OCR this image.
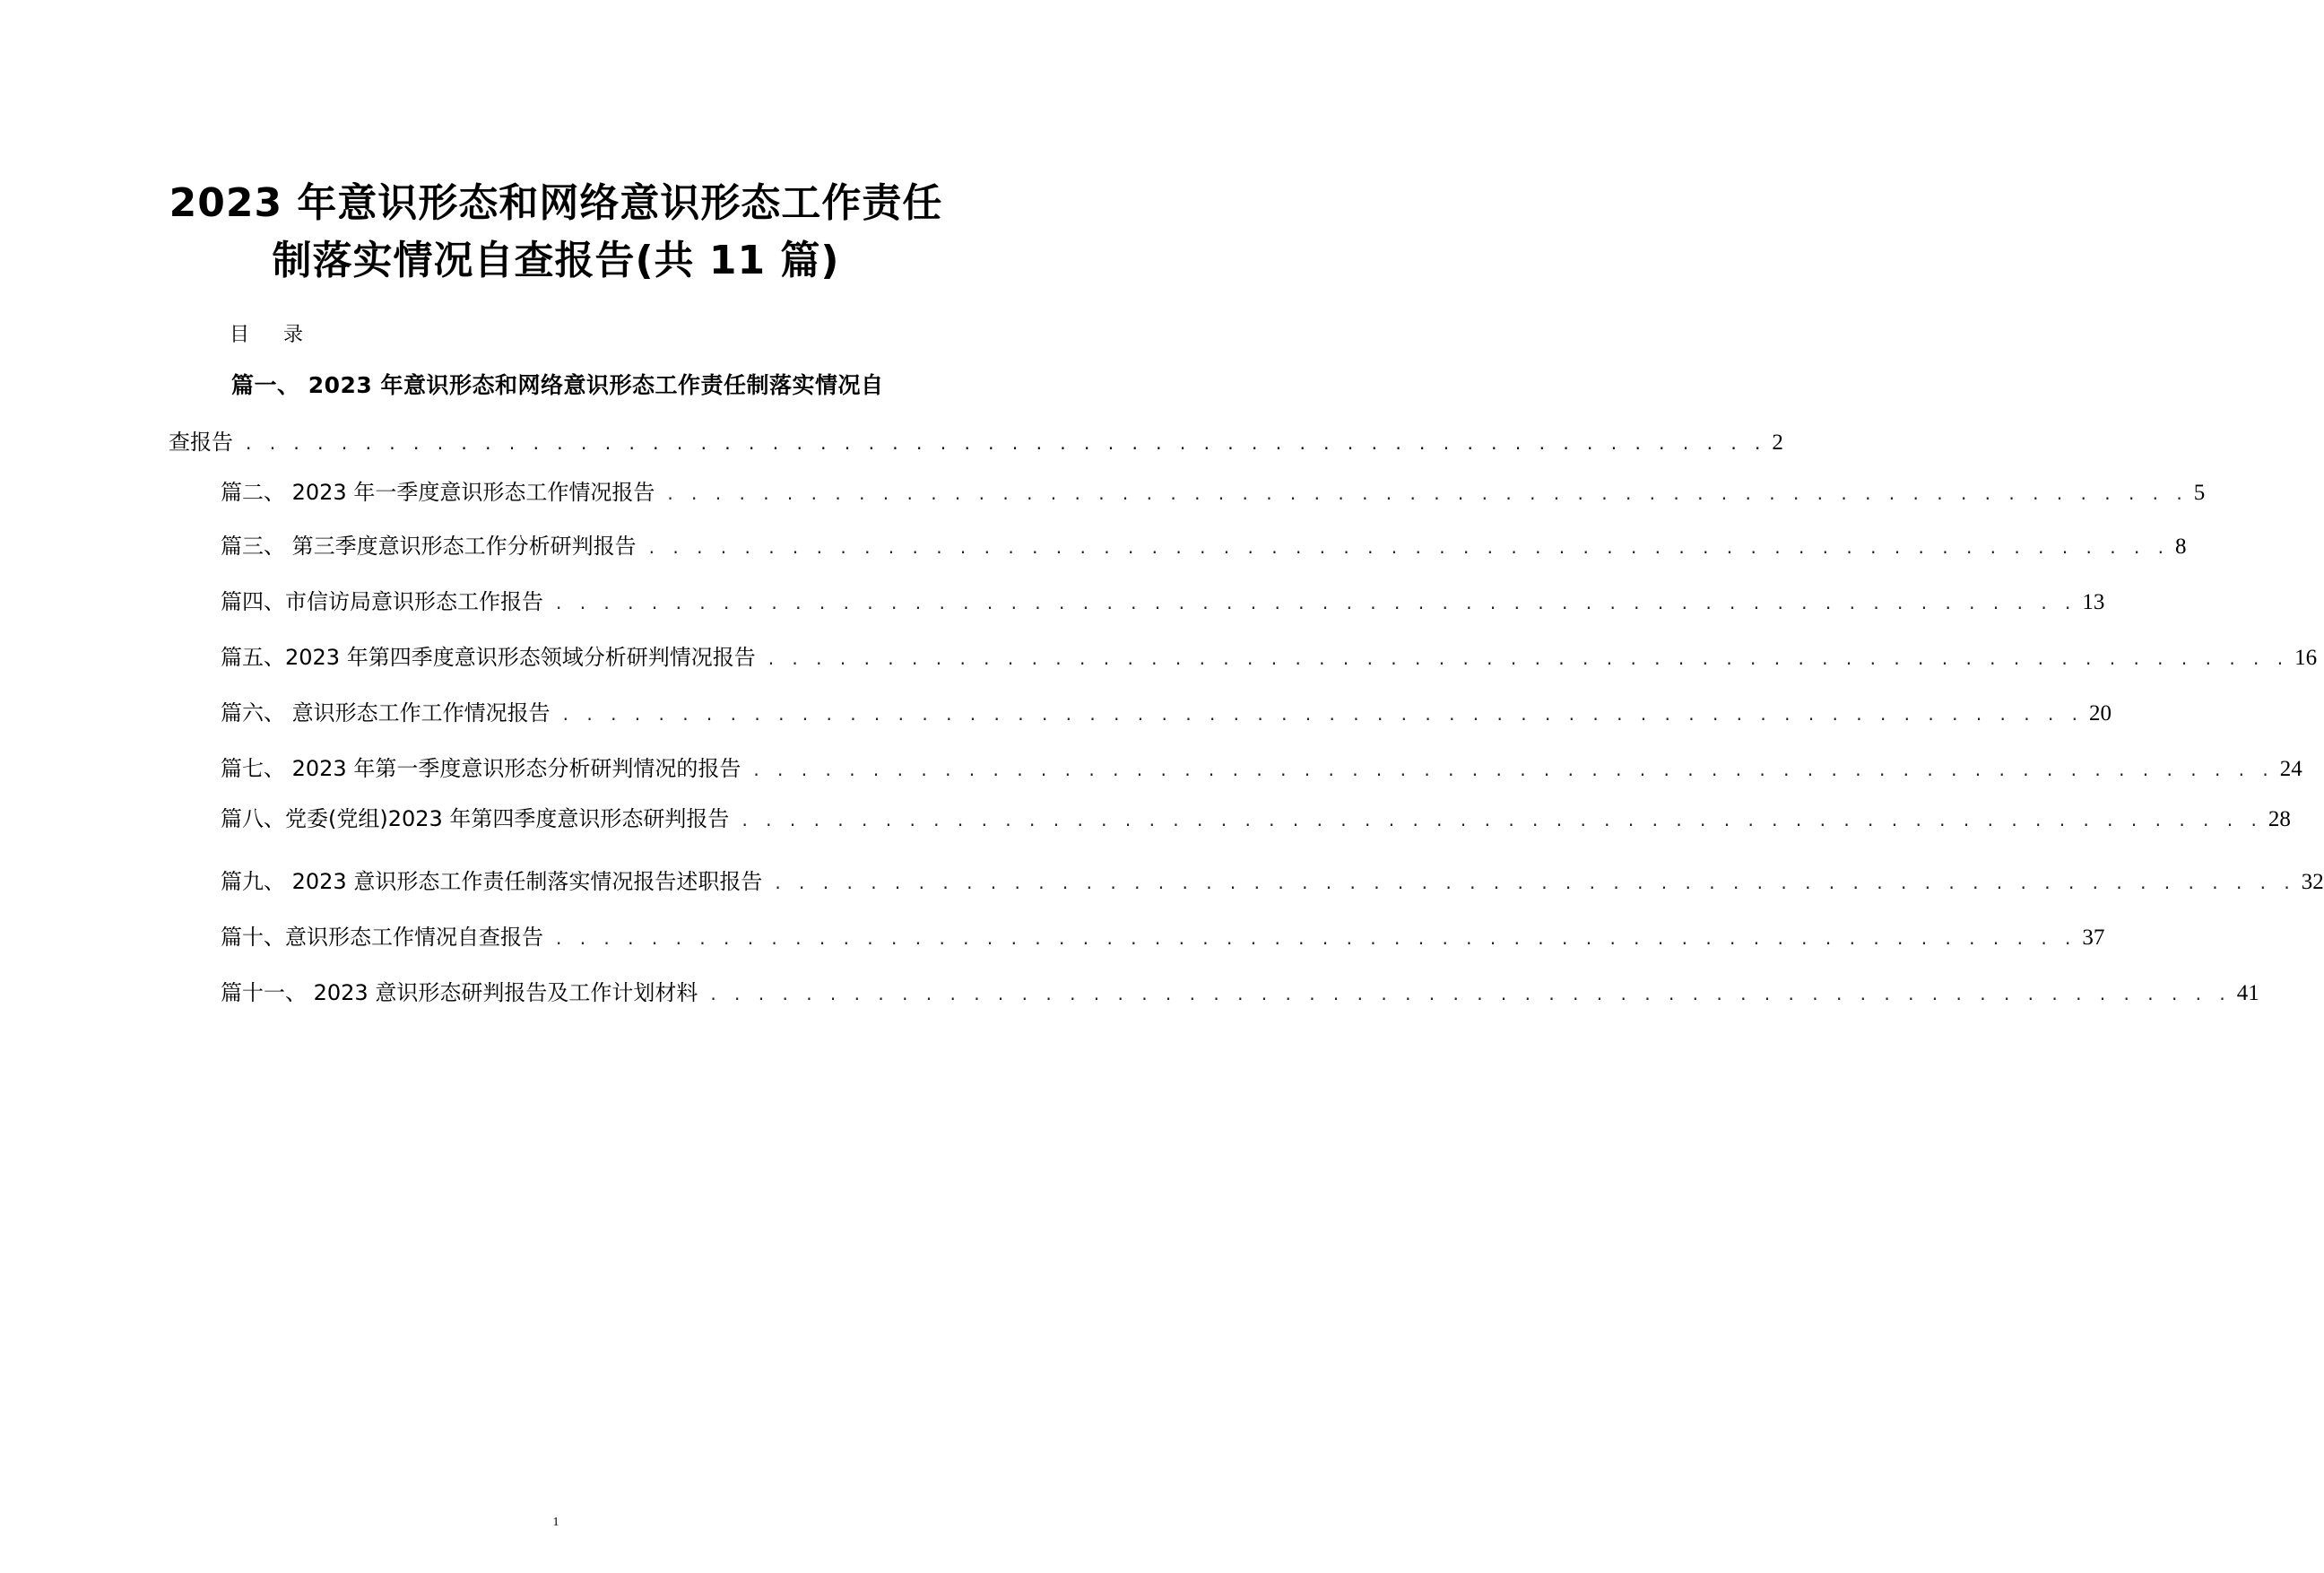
2023 年意识形态和网络意识形态工作责任
制落实情况自查报告(共 11 篇)
目 录
篇一、 2023 年意识形态和网络意识形态工作责任制落实情况自
查报告 . . . . . . . . . . . . . . . . . . . . . . . . . . . . . . . . . . . . . . . . . . . . . . . . . . . . . . . . . . . . . . . . 2
篇二、 2023 年一季度意识形态工作情况报告 . . . . . . . . . . . . . . . . . . . . . . . . . . . . . . . . . . . . . . . . . . . . . . . . . . . . . . . . . . . . . . . . 5
篇三、 第三季度意识形态工作分析研判报告 . . . . . . . . . . . . . . . . . . . . . . . . . . . . . . . . . . . . . . . . . . . . . . . . . . . . . . . . . . . . . . . . 8
篇四、市信访局意识形态工作报告 . . . . . . . . . . . . . . . . . . . . . . . . . . . . . . . . . . . . . . . . . . . . . . . . . . . . . . . . . . . . . . . . 13
篇五、2023 年第四季度意识形态领域分析研判情况报告 . . . . . . . . . . . . . . . . . . . . . . . . . . . . . . . . . . . . . . . . . . . . . . . . . . . . . . . . . . . . . . . . 16
篇六、 意识形态工作工作情况报告 . . . . . . . . . . . . . . . . . . . . . . . . . . . . . . . . . . . . . . . . . . . . . . . . . . . . . . . . . . . . . . . . 20
篇七、 2023 年第一季度意识形态分析研判情况的报告 . . . . . . . . . . . . . . . . . . . . . . . . . . . . . . . . . . . . . . . . . . . . . . . . . . . . . . . . . . . . . . . . 24
篇八、党委(党组)2023 年第四季度意识形态研判报告 . . . . . . . . . . . . . . . . . . . . . . . . . . . . . . . . . . . . . . . . . . . . . . . . . . . . . . . . . . . . . . . . 28
篇九、 2023 意识形态工作责任制落实情况报告述职报告 . . . . . . . . . . . . . . . . . . . . . . . . . . . . . . . . . . . . . . . . . . . . . . . . . . . . . . . . . . . . . . . . 32
篇十、意识形态工作情况自查报告 . . . . . . . . . . . . . . . . . . . . . . . . . . . . . . . . . . . . . . . . . . . . . . . . . . . . . . . . . . . . . . . . 37
篇十一、 2023 意识形态研判报告及工作计划材料 . . . . . . . . . . . . . . . . . . . . . . . . . . . . . . . . . . . . . . . . . . . . . . . . . . . . . . . . . . . . . . . . 41
1
